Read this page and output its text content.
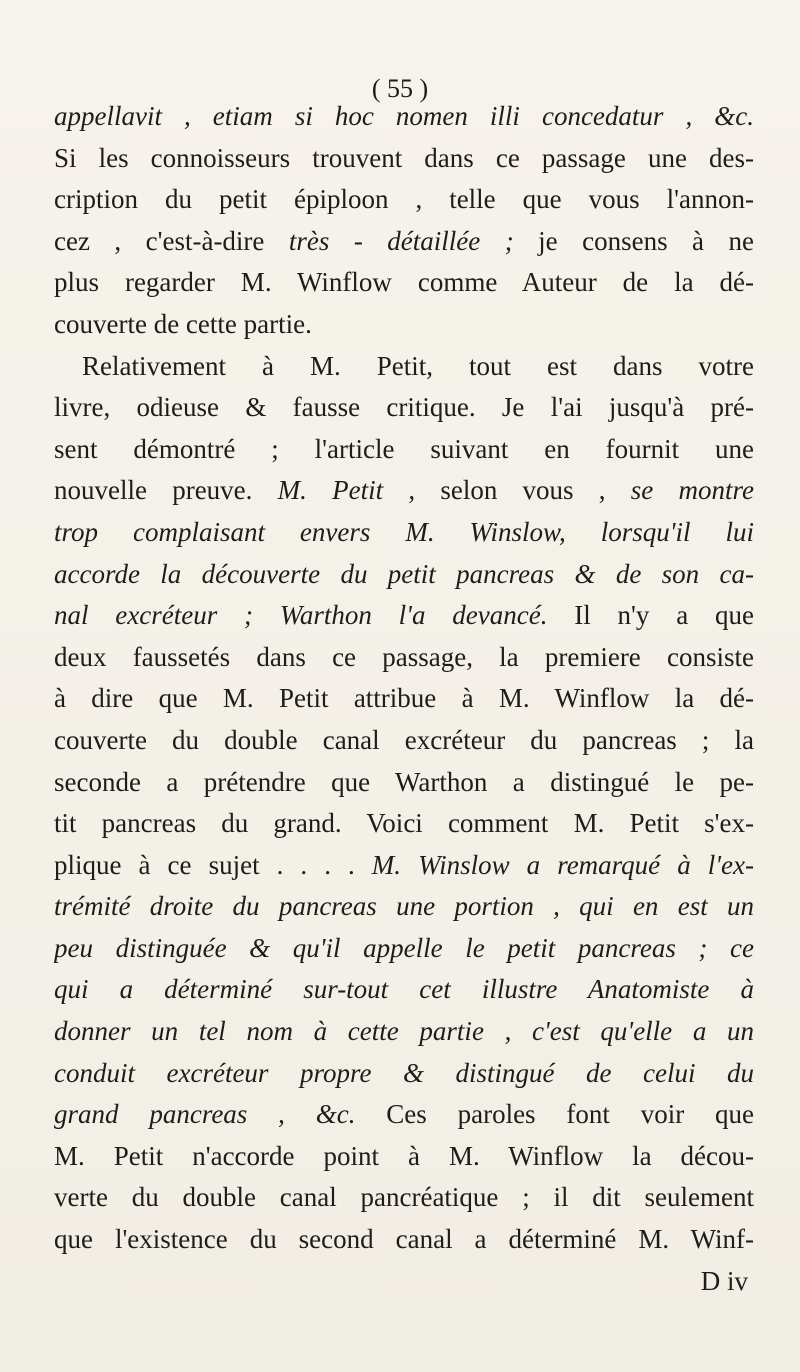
( 55 )
appellavit , etiam si hoc nomen illi concedatur , &c.
Si les connoisseurs trouvent dans ce passage une des-
cription du petit épiploon , telle que vous l'annon-
cez , c'est-à-dire très - détaillée ; je consens à ne
plus regarder M. Winflow comme Auteur de la dé-
couverte de cette partie.
Relativement à M. Petit, tout est dans votre
livre, odieuse & fausse critique. Je l'ai jusqu'à pré-
sent démontré ; l'article suivant en fournit une
nouvelle preuve. M. Petit , selon vous , se montre
trop complaisant envers M. Winslow, lorsqu'il lui
accorde la découverte du petit pancreas & de son ca-
nal excréteur ; Warthon l'a devancé. Il n'y a que
deux faussetés dans ce passage, la premiere consiste
à dire que M. Petit attribue à M. Winflow la dé-
couverte du double canal excréteur du pancreas ; la
seconde a prétendre que Warthon a distingué le pe-
tit pancreas du grand. Voici comment M. Petit s'ex-
plique à ce sujet . . . . M. Winslow a remarqué à l'ex-
trémité droite du pancreas une portion , qui en est un
peu distinguée & qu'il appelle le petit pancreas ; ce
qui a déterminé sur-tout cet illustre Anatomiste à
donner un tel nom à cette partie , c'est qu'elle a un
conduit excréteur propre & distingué de celui du
grand pancreas , &c. Ces paroles font voir que
M. Petit n'accorde point à M. Winflow la décou-
verte du double canal pancréatique ; il dit seulement
que l'existence du second canal a déterminé M. Winf-
D iv
